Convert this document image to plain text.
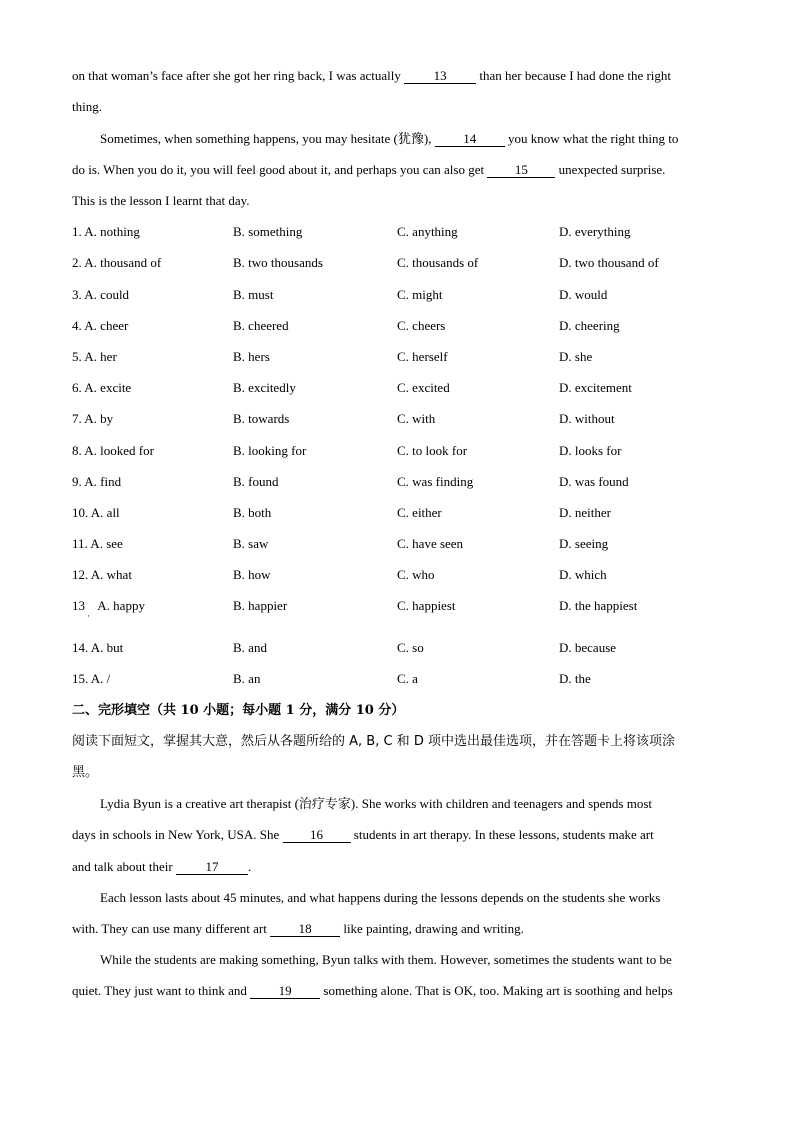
on that woman’s face after she got her ring back, I was actually 13 than her because I had done the right
thing.
Sometimes, when something happens, you may hesitate (犹豫), 14 you know what the right thing to
do is. When you do it, you will feel good about it, and perhaps you can also get 15 unexpected surprise.
This is the lesson I learnt that day.
1. A. nothing	B. something	C. anything	D. everything
2. A. thousand of	B. two thousands	C. thousands of	D. two thousand of
3. A. could	B. must	C. might	D. would
4. A. cheer	B. cheered	C. cheers	D. cheering
5. A. her	B. hers	C. herself	D. she
6. A. excite	B. excitedly	C. excited	D. excitement
7. A. by	B. towards	C. with	D. without
8. A. looked for	B. looking for	C. to look for	D. looks for
9. A. find	B. found	C. was finding	D. was found
10. A. all	B. both	C. either	D. neither
11. A. see	B. saw	C. have seen	D. seeing
12. A. what	B. how	C. who	D. which
13    A. happy	B. happier	C. happiest	D. the happiest
·
14. A. but	B. and	C. so	D. because
15. A. /	B. an	C. a	D. the
二、完形填空（共 10 小题；每小题 1 分，满分 10 分）
阅读下面短文，掌握其大意，然后从各题所给的 A, B, C 和 D 项中选出最佳选项，并在答题卡上将该项涂
黑。
Lydia Byun is a creative art therapist (治疗专家). She works with children and teenagers and spends most
days in schools in New York, USA. She 16 students in art therapy. In these lessons, students make art
and talk about their 17 .
Each lesson lasts about 45 minutes, and what happens during the lessons depends on the students she works
with. They can use many different art 18 like painting, drawing and writing.
While the students are making something, Byun talks with them. However, sometimes the students want to be
quiet. They just want to think and 19 something alone. That is OK, too. Making art is soothing and helps
